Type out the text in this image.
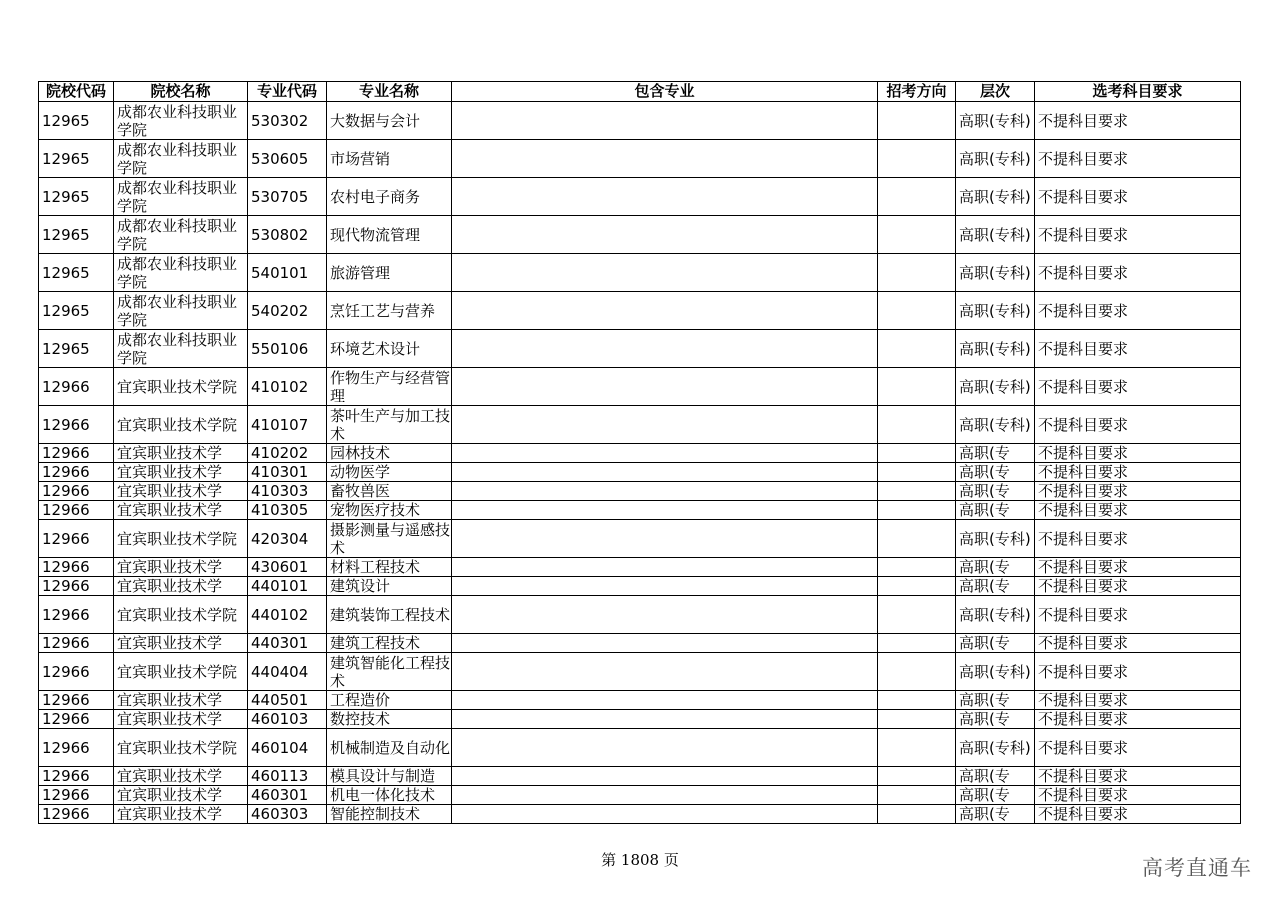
院校代码	院校名称	专业代码	专业名称	包含专业	招考方向	层次	选考科目要求

12965	成都农业科技职业学院	530302	大数据与会计			高职(专科)	不提科目要求

12965	成都农业科技职业学院	530605	市场营销			高职(专科)	不提科目要求

12965	成都农业科技职业学院	530705	农村电子商务			高职(专科)	不提科目要求

12965	成都农业科技职业学院	530802	现代物流管理			高职(专科)	不提科目要求

12965	成都农业科技职业学院	540101	旅游管理			高职(专科)	不提科目要求

12965	成都农业科技职业学院	540202	烹饪工艺与营养			高职(专科)	不提科目要求

12965	成都农业科技职业学院	550106	环境艺术设计			高职(专科)	不提科目要求

12966	宜宾职业技术学院	410102	作物生产与经营管理			高职(专科)	不提科目要求

12966	宜宾职业技术学院	410107	茶叶生产与加工技术			高职(专科)	不提科目要求

12966	宜宾职业技术学	410202	园林技术			高职(专	不提科目要求

12966	宜宾职业技术学	410301	动物医学			高职(专	不提科目要求

12966	宜宾职业技术学	410303	畜牧兽医			高职(专	不提科目要求

12966	宜宾职业技术学	410305	宠物医疗技术			高职(专	不提科目要求

12966	宜宾职业技术学院	420304	摄影测量与遥感技术			高职(专科)	不提科目要求

12966	宜宾职业技术学	430601	材料工程技术			高职(专	不提科目要求

12966	宜宾职业技术学	440101	建筑设计			高职(专	不提科目要求

12966	宜宾职业技术学院	440102	建筑装饰工程技术			高职(专科)	不提科目要求

12966	宜宾职业技术学	440301	建筑工程技术			高职(专	不提科目要求

12966	宜宾职业技术学院	440404	建筑智能化工程技术			高职(专科)	不提科目要求

12966	宜宾职业技术学	440501	工程造价			高职(专	不提科目要求

12966	宜宾职业技术学	460103	数控技术			高职(专	不提科目要求

12966	宜宾职业技术学院	460104	机械制造及自动化			高职(专科)	不提科目要求

12966	宜宾职业技术学	460113	模具设计与制造			高职(专	不提科目要求

12966	宜宾职业技术学	460301	机电一体化技术			高职(专	不提科目要求

12966	宜宾职业技术学	460303	智能控制技术			高职(专	不提科目要求
第 1808 页	高考直通车
